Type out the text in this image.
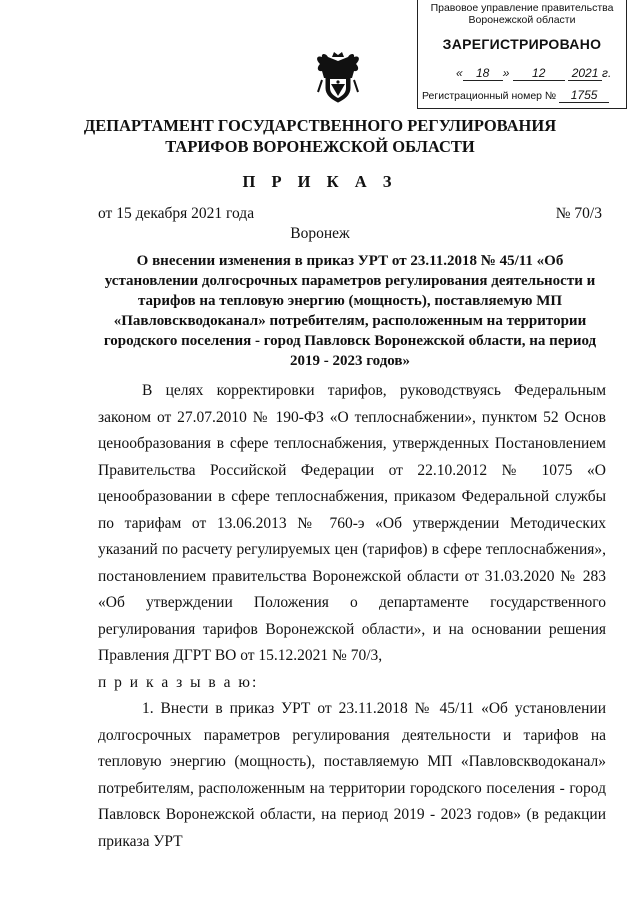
Правовое управление правительства
Воронежской области
ЗАРЕГИСТРИРОВАНО
« 18 » 12 2021 г.
Регистрационный номер № 1755
ДЕПАРТАМЕНТ ГОСУДАРСТВЕННОГО РЕГУЛИРОВАНИЯ ТАРИФОВ ВОРОНЕЖСКОЙ ОБЛАСТИ
П Р И К А З
от 15 декабря 2021 года	№ 70/3
Воронеж
О внесении изменения в приказ УРТ от 23.11.2018 № 45/11 «Об установлении долгосрочных параметров регулирования деятельности и тарифов на тепловую энергию (мощность), поставляемую МП «Павловскводоканал» потребителям, расположенным на территории городского поселения - город Павловск Воронежской области, на период 2019 - 2023 годов»

В целях корректировки тарифов, руководствуясь Федеральным законом от 27.07.2010 № 190-ФЗ «О теплоснабжении», пунктом 52 Основ ценообразования в сфере теплоснабжения, утвержденных Постановлением Правительства Российской Федерации от 22.10.2012 № 1075 «О ценообразовании в сфере теплоснабжения, приказом Федеральной службы по тарифам от 13.06.2013 № 760-э «Об утверждении Методических указаний по расчету регулируемых цен (тарифов) в сфере теплоснабжения», постановлением правительства Воронежской области от 31.03.2020 № 283 «Об утверждении Положения о департаменте государственного регулирования тарифов Воронежской области», и на основании решения Правления ДГРТ ВО от 15.12.2021 № 70/3,

п р и к а з ы в а ю:

1. Внести в приказ УРТ от 23.11.2018 № 45/11 «Об установлении долгосрочных параметров регулирования деятельности и тарифов на тепловую энергию (мощность), поставляемую МП «Павловскводоканал» потребителям, расположенным на территории городского поселения - город Павловск Воронежской области, на период 2019 - 2023 годов» (в редакции приказа УРТ
